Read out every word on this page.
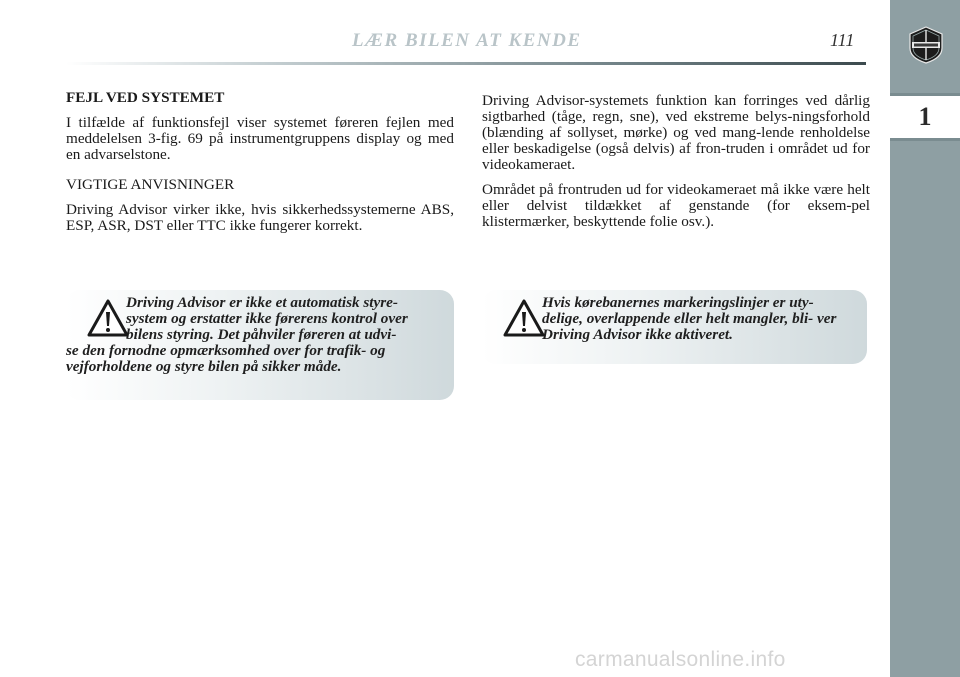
1
LÆR BILEN AT KENDE	111

FEJL VED SYSTEMET

I tilfælde af funktionsfejl viser systemet føreren fejlen med meddelelsen 3-fig. 69 på instrumentgruppens display og med en advarselstone.

VIGTIGE ANVISNINGER

Driving Advisor virker ikke, hvis sikkerhedssystemerne ABS, ESP, ASR, DST eller TTC ikke fungerer korrekt.

Driving Advisor-systemets funktion kan forringes ved dårlig sigtbarhed (tåge, regn, sne), ved ekstreme belys-ningsforhold (blænding af sollyset, mørke) og ved mang-lende renholdelse eller beskadigelse (også delvis) af fron-truden i området ud for videokameraet.

Området på frontruden ud for videokameraet må ikke være helt eller delvist tildækket af genstande (for eksem-pel klistermærker, beskyttende folie osv.).

Driving Advisor er ikke et automatisk styre- system og erstatter ikke førerens kontrol over bilens styring. Det påhviler føreren at udvi-
se den fornodne opmærksomhed over for trafik- og vejforholdene og styre bilen på sikker måde.
Hvis kørebanernes markeringslinjer er uty- delige, overlappende eller helt mangler, bli- ver Driving Advisor ikke aktiveret.
carmanualsonline.info
